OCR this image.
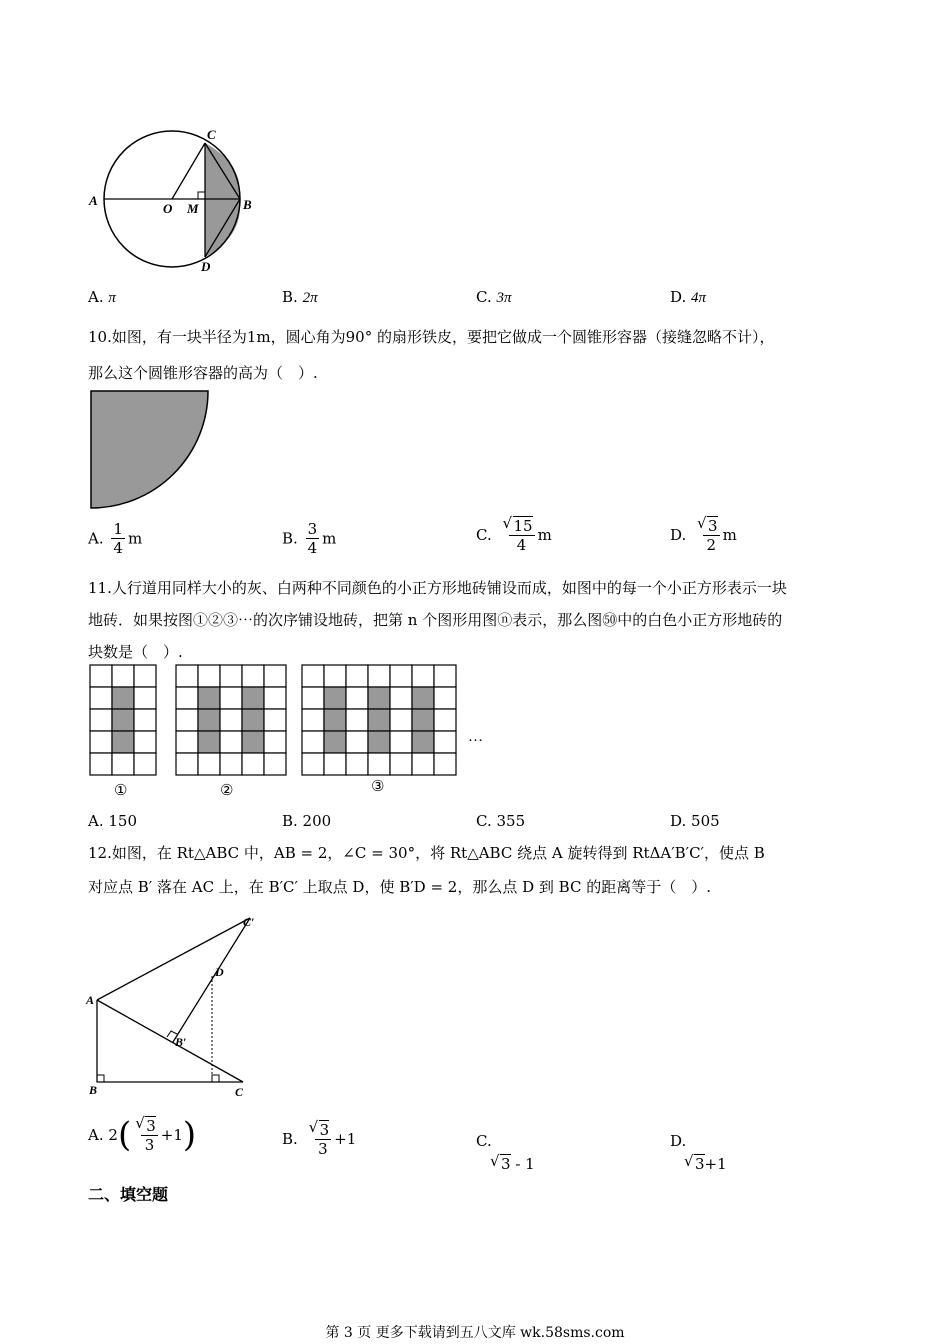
A
O M	B
C
D
A. π	B. 2π	C. 3π	D. 4π
10.如图，有一块半径为1m，圆心角为90° 的扇形铁皮，要把它做成一个圆锥形容器（接缝忽略不计），
那么这个圆锥形容器的高为（　）.
A. $\frac{1}{4}$ m	B. $\frac{3}{4}$ m	C. √ $\frac{15}{4}$ m	D. √ $\frac{3}{2}$ m
11.人行道用同样大小的灰、白两种不同颜色的小正方形地砖铺设而成，如图中的每一个小正方形表示一块
地砖．如果按图①②③⋯的次序铺设地砖，把第 n 个图形用图ⓝ表示，那么图㊿中的白色小正方形地砖的
块数是（　）.
①	②	③
…
A. 150	B. 200	C. 355	D. 505
12.如图，在 Rt△ABC 中，AB = 2，∠C = 30°，将 Rt△ABC 绕点 A 旋转得到 RtΔA′B′C′，使点 B
对应点 B′ 落在 AC 上，在 B′C′ 上取点 D，使 B′D = 2，那么点 D 到 BC 的距离等于（　）.
A
B	C
C′
D
B′
A. 2( √ $\frac{3}{3} +1$)	B. √ $\frac{3}{3} +1$	C.
√ 3 - 1
D.
√ 3+1
二、填空题
第 3 页 更多下载请到五八文库 wk.58sms.com
